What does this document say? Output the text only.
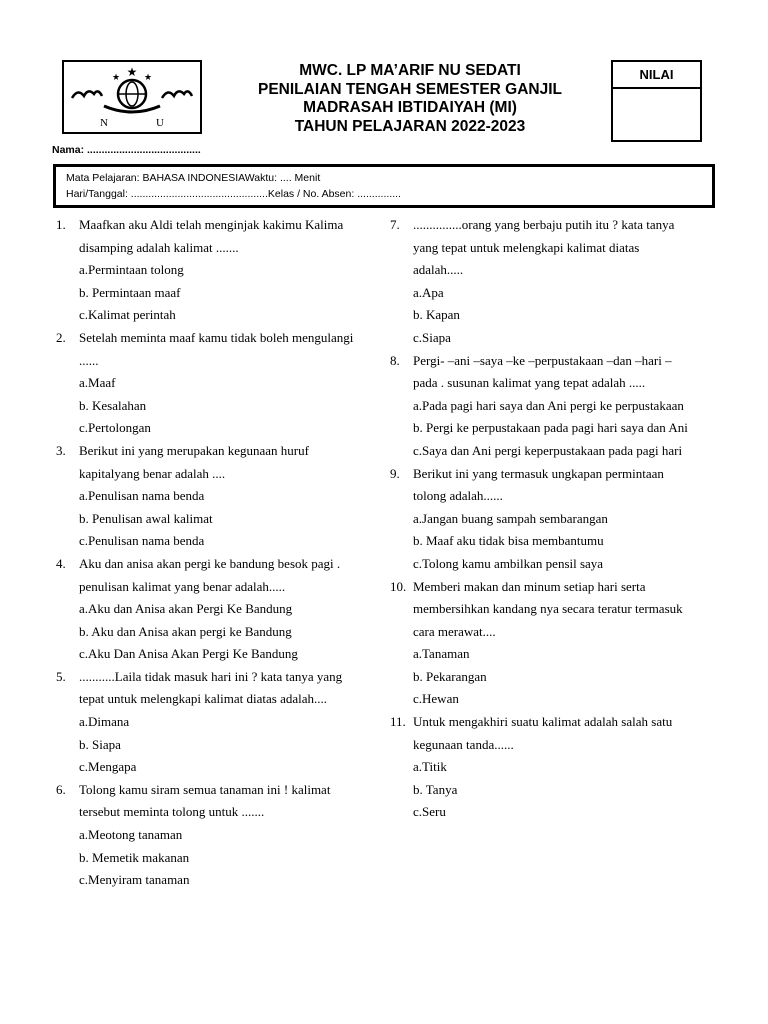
★
★	★
N	U
MWC. LP MA’ARIF NU SEDATI
PENILAIAN TENGAH SEMESTER GANJIL
MADRASAH IBTIDAIYAH (MI)
TAHUN PELAJARAN 2022-2023
NILAI
Nama: .......................................
Mata Pelajaran: BAHASA INDONESIAWaktu: .... Menit
Hari/Tanggal: ...............................................Kelas / No. Absen: ...............
1. Maafkan aku Aldi telah menginjak kakimu Kalima disamping adalah kalimat .......
a.Permintaan tolong
b. Permintaan maaf
c.Kalimat perintah
2. Setelah meminta maaf kamu tidak boleh mengulangi ......
a.Maaf
b. Kesalahan
c.Pertolongan
3. Berikut ini yang merupakan kegunaan huruf kapitalyang benar adalah ....
a.Penulisan nama benda
b. Penulisan awal kalimat
c.Penulisan nama benda
4. Aku dan anisa akan pergi ke bandung besok pagi . penulisan kalimat yang benar adalah.....
a.Aku dan Anisa akan Pergi Ke Bandung
b. Aku dan Anisa akan pergi ke Bandung
c.Aku Dan Anisa Akan Pergi Ke Bandung
5. ...........Laila tidak masuk hari ini ? kata tanya yang tepat untuk melengkapi kalimat diatas adalah....
a.Dimana
b. Siapa
c.Mengapa
6. Tolong kamu siram semua tanaman ini ! kalimat tersebut meminta tolong untuk .......
a.Meotong tanaman
b. Memetik makanan
c.Menyiram tanaman
7. ...............orang yang berbaju putih itu ? kata tanya yang tepat untuk melengkapi kalimat diatas adalah.....
a.Apa
b. Kapan
c.Siapa
8. Pergi- –ani –saya –ke –perpustakaan –dan –hari –pada . susunan kalimat yang tepat adalah .....
a.Pada pagi hari saya dan Ani pergi ke perpustakaan
b. Pergi ke perpustakaan pada pagi hari saya dan Ani
c.Saya dan Ani pergi keperpustakaan pada pagi hari
9. Berikut ini yang termasuk ungkapan permintaan tolong adalah......
a.Jangan buang sampah sembarangan
b. Maaf aku tidak bisa membantumu
c.Tolong kamu ambilkan pensil saya
10. Memberi makan dan minum setiap hari serta membersihkan kandang nya secara teratur termasuk cara merawat....
a.Tanaman
b. Pekarangan
c.Hewan
11. Untuk mengakhiri suatu kalimat adalah salah satu kegunaan tanda......
a.Titik
b. Tanya
c.Seru
